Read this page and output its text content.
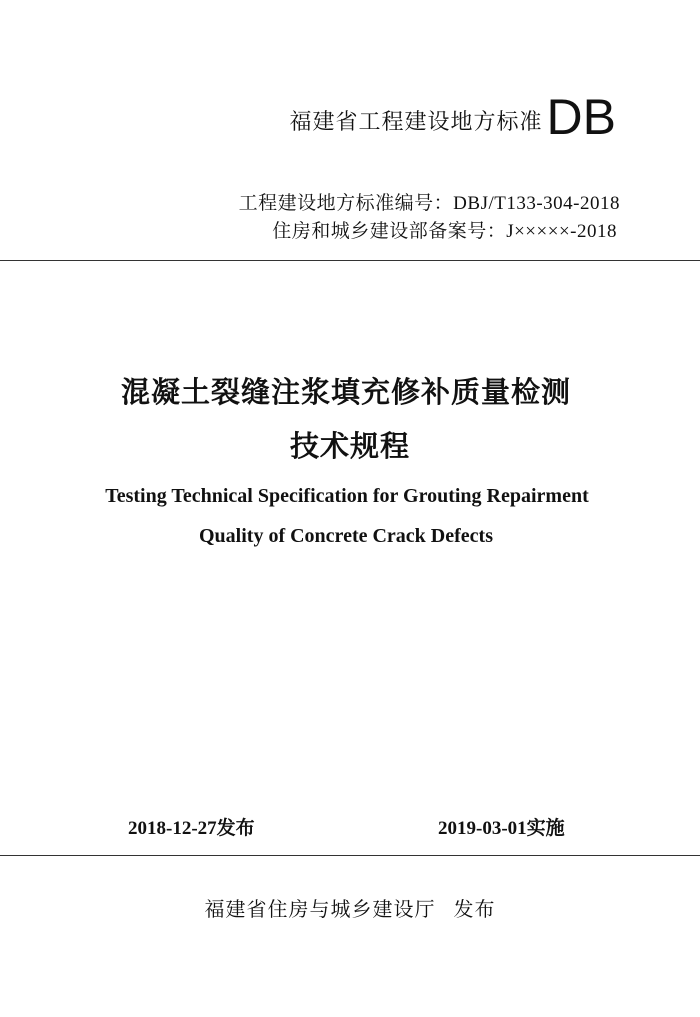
福建省工程建设地方标准 DB
工程建设地方标准编号：DBJ/T133-304-2018
住房和城乡建设部备案号：J×××××-2018
混凝土裂缝注浆填充修补质量检测
技术规程
Testing Technical Specification for Grouting Repairment
Quality of Concrete Crack Defects
2018-12-27发布	2019-03-01实施
福建省住房与城乡建设厅 发布
